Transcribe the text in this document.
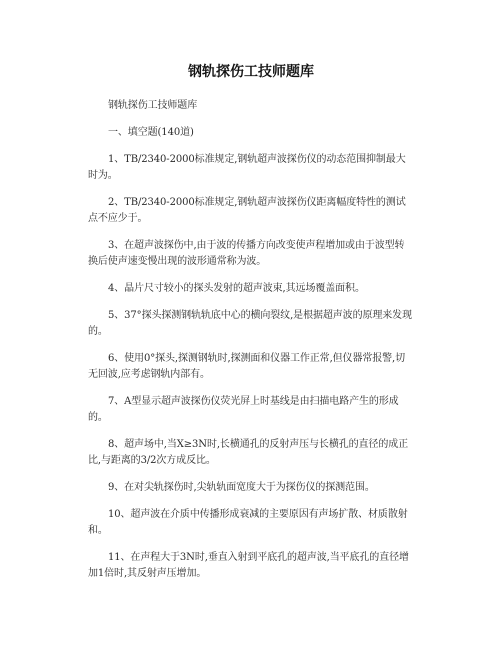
钢轨探伤工技师题库

钢轨探伤工技师题库

一、填空题(140道)

1、TB/2340-2000标准规定,钢轨超声波探伤仪的动态范围抑制最大时为。

2、TB/2340-2000标准规定,钢轨超声波探伤仪距离幅度特性的测试点不应少于。

3、在超声波探伤中,由于波的传播方向改变使声程增加或由于波型转换后使声速变慢出现的波形通常称为波。

4、晶片尺寸较小的探头发射的超声波束,其远场覆盖面积。

5、37°探头探测钢轨轨底中心的横向裂纹,是根据超声波的原理来发现的。

6、使用0°探头,探测钢轨时,探测面和仪器工作正常,但仪器常报警,切无回波,应考虑钢轨内部有。

7、A型显示超声波探伤仪荧光屏上时基线是由扫描电路产生的形成的。

8、超声场中,当X≥3N时,长横通孔的反射声压与长横孔的直径的成正比,与距离的3/2次方成反比。

9、在对尖轨探伤时,尖轨轨面宽度大于为探伤仪的探测范围。

10、超声波在介质中传播形成衰减的主要原因有声场扩散、材质散射和。

11、在声程大于3N时,垂直入射到平底孔的超声波,当平底孔的直径增加1倍时,其反射声压增加。
